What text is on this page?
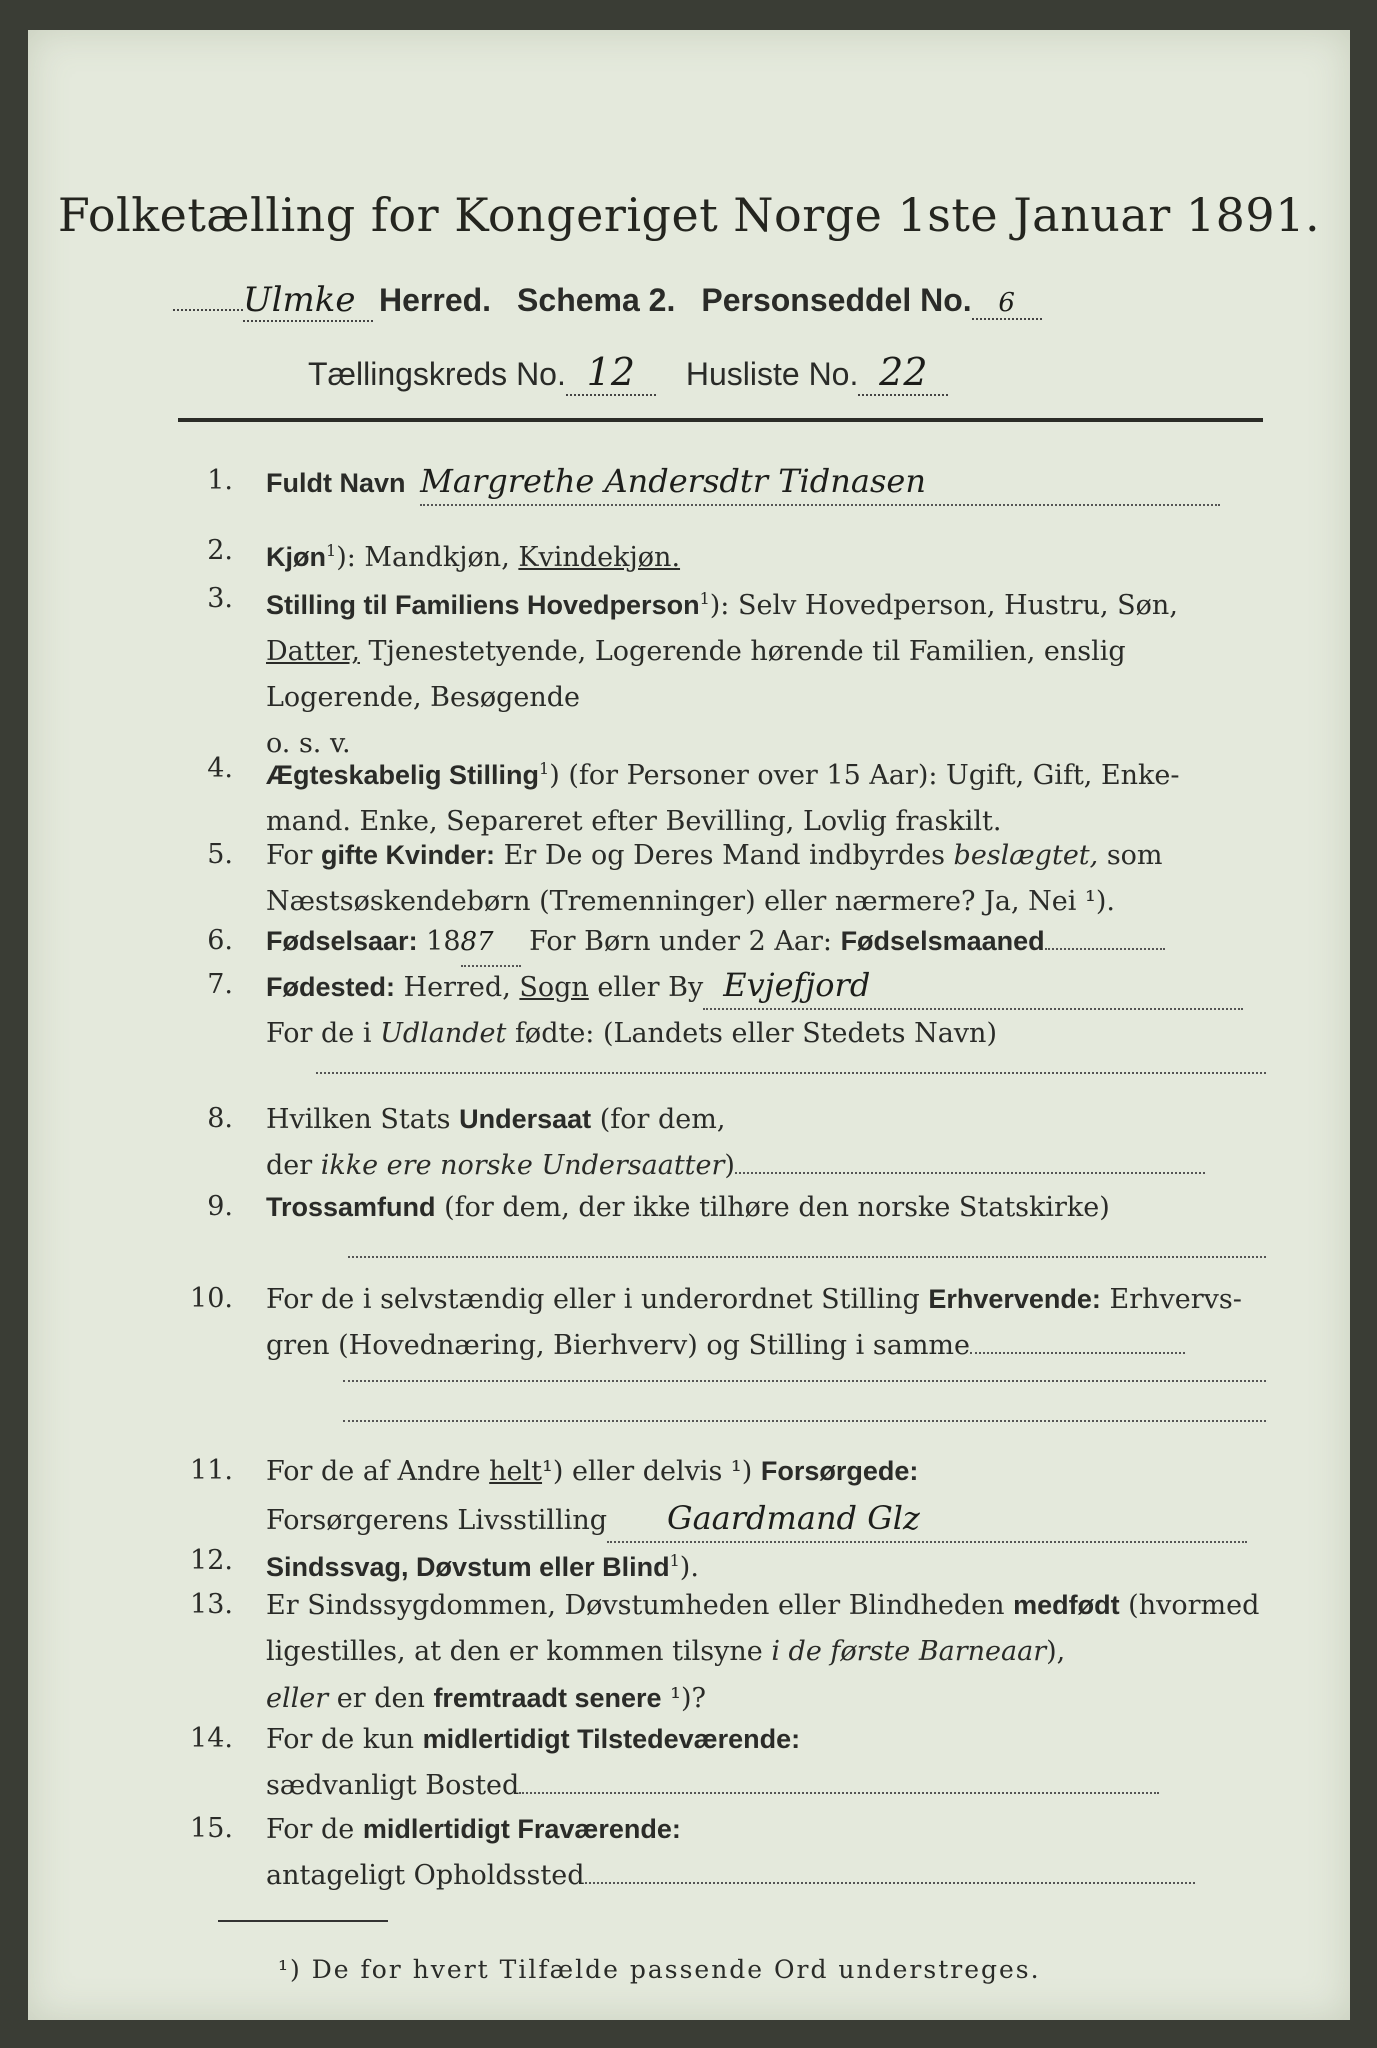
Folketælling for Kongeriget Norge 1ste Januar 1891.
Ulmke Herred. Schema 2. Personseddel No.	6
Tællingskreds No. 12	Husliste No. 22
1. Fuldt Navn Margrethe Andersdtr Tidnasen
2. Kjøn$^1$): Mandkjøn, Kvindekjøn.
3. Stilling til Familiens Hovedperson$^1$): Selv Hovedperson, Hustru, Søn,
Datter, Tjenestetyende, Logerende hørende til Familien, enslig
Logerende, Besøgende
o. s. v.
4. Ægteskabelig Stilling$^1$) (for Personer over 15 Aar): Ugift, Gift, Enke-
mand. Enke, Separeret efter Bevilling, Lovlig fraskilt.
5. For gifte Kvinder: Er De og Deres Mand indbyrdes beslægtet, som
Næstsøskendebørn (Tremenninger) eller nærmere? Ja, Nei ¹).
6. Fødselsaar: 1887 For Børn under 2 Aar: Fødselsmaaned
7. Fødested: Herred, Sogn eller By Evjefjord
For de i Udlandet fødte: (Landets eller Stedets Navn)
8. Hvilken Stats Undersaat (for dem,
der ikke ere norske Undersaatter)
9. Trossamfund (for dem, der ikke tilhøre den norske Statskirke)
10. For de i selvstændig eller i underordnet Stilling Erhvervende: Erhvervs-
gren (Hovednæring, Bierhverv) og Stilling i samme
11. For de af Andre helt¹) eller delvis ¹) Forsørgede:
Forsørgerens Livsstilling Gaardmand Glz
12. Sindssvag, Døvstum eller Blind$^1$).
13. Er Sindssygdommen, Døvstumheden eller Blindheden medfødt (hvormed
ligestilles, at den er kommen tilsyne i de første Barneaar),
eller er den fremtraadt senere ¹)?
14. For de kun midlertidigt Tilstedeværende:
sædvanligt Bosted
15. For de midlertidigt Fraværende:
antageligt Opholdssted
¹) De for hvert Tilfælde passende Ord understreges.
